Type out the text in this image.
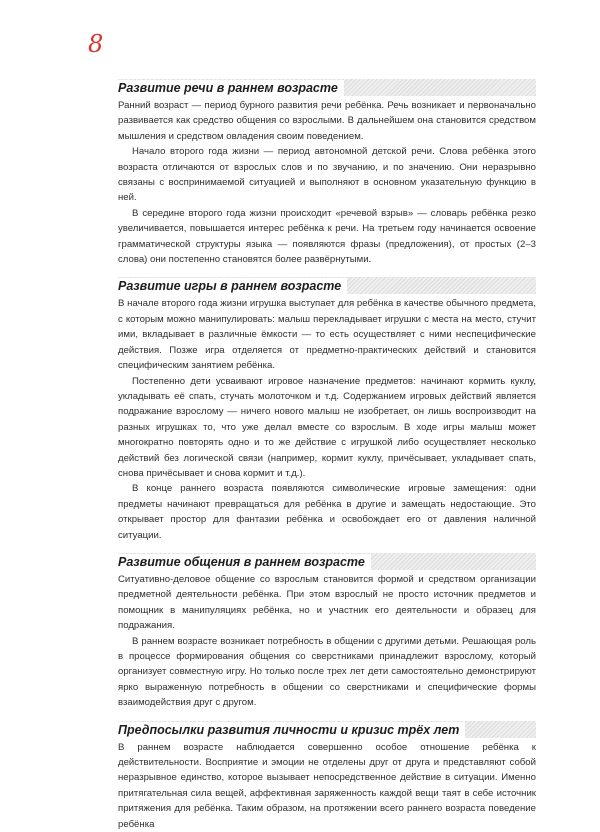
8
Развитие речи в раннем возрасте

Ранний возраст — период бурного развития речи ребёнка. Речь возникает и первоначально развивается как средство общения со взрослыми. В дальнейшем она становится средством мышления и средством овладения своим поведением.

Начало второго года жизни — период автономной детской речи. Слова ребёнка этого возраста отличаются от взрослых слов и по звучанию, и по значению. Они неразрывно связаны с воспринимаемой ситуацией и выполняют в основном указательную функцию в ней.

В середине второго года жизни происходит «речевой взрыв» — словарь ребёнка резко увеличивается, повышается интерес ребёнка к речи. На третьем году начинается освоение грамматической структуры языка — появляются фразы (предложения), от простых (2–3 слова) они постепенно становятся более развёрнутыми.

Развитие игры в раннем возрасте

В начале второго года жизни игрушка выступает для ребёнка в качестве обычного предмета, с которым можно манипулировать: малыш перекладывает игрушки с места на место, стучит ими, вкладывает в различные ёмкости — то есть осуществляет с ними неспецифические действия. Позже игра отделяется от предметно-практических действий и становится специфическим занятием ребёнка.

Постепенно дети усваивают игровое назначение предметов: начинают кормить куклу, укладывать её спать, стучать молоточком и т.д. Содержанием игровых действий является подражание взрослому — ничего нового малыш не изобретает, он лишь воспроизводит на разных игрушках то, что уже делал вместе со взрослым. В ходе игры малыш может многократно повторять одно и то же действие с игрушкой либо осуществляет несколько действий без логической связи (например, кормит куклу, причёсывает, укладывает спать, снова причёсывает и снова кормит и т.д.).

В конце раннего возраста появляются символические игровые замещения: одни предметы начинают превращаться для ребёнка в другие и замещать недостающие. Это открывает простор для фантазии ребёнка и освобождает его от давления наличной ситуации.

Развитие общения в раннем возрасте

Ситуативно-деловое общение со взрослым становится формой и средством организации предметной деятельности ребёнка. При этом взрослый не просто источник предметов и помощник в манипуляциях ребёнка, но и участник его деятельности и образец для подражания.

В раннем возрасте возникает потребность в общении с другими детьми. Решающая роль в процессе формирования общения со сверстниками принадлежит взрослому, который организует совместную игру. Но только после трех лет дети самостоятельно демонстрируют ярко выраженную потребность в общении со сверстниками и специфические формы взаимодействия друг с другом.

Предпосылки развития личности и кризис трёх лет

В раннем возрасте наблюдается совершенно особое отношение ребёнка к действительности. Восприятие и эмоции не отделены друг от друга и представляют собой неразрывное единство, которое вызывает непосредственное действие в ситуации. Именно притягательная сила вещей, аффективная заряженность каждой вещи таят в себе источник притяжения для ребёнка. Таким образом, на протяжении всего раннего возраста поведение ребёнка
